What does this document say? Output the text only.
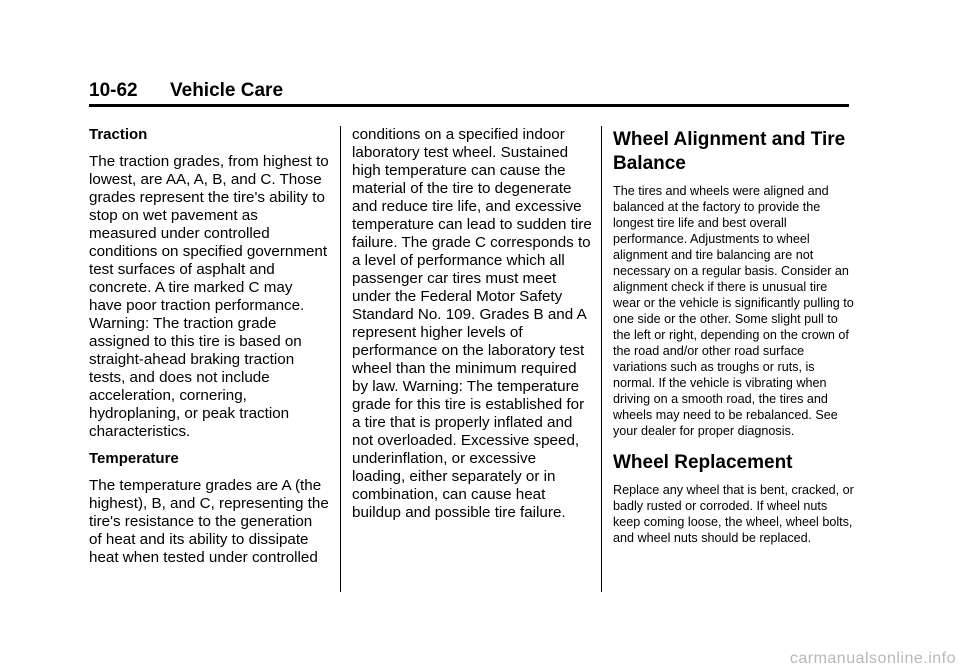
10-62 Vehicle Care
Traction

The traction grades, from highest to lowest, are AA, A, B, and C. Those grades represent the tire's ability to stop on wet pavement as measured under controlled conditions on specified government test surfaces of asphalt and concrete. A tire marked C may have poor traction performance. Warning: The traction grade assigned to this tire is based on straight-ahead braking traction tests, and does not include acceleration, cornering, hydroplaning, or peak traction characteristics.

Temperature

The temperature grades are A (the highest), B, and C, representing the tire's resistance to the generation of heat and its ability to dissipate heat when tested under controlled

conditions on a specified indoor laboratory test wheel. Sustained high temperature can cause the material of the tire to degenerate and reduce tire life, and excessive temperature can lead to sudden tire failure. The grade C corresponds to a level of performance which all passenger car tires must meet under the Federal Motor Safety Standard No. 109. Grades B and A represent higher levels of performance on the laboratory test wheel than the minimum required by law. Warning: The temperature grade for this tire is established for a tire that is properly inflated and not overloaded. Excessive speed, underinflation, or excessive loading, either separately or in combination, can cause heat buildup and possible tire failure.

Wheel Alignment and Tire Balance

The tires and wheels were aligned and balanced at the factory to provide the longest tire life and best overall performance. Adjustments to wheel alignment and tire balancing are not necessary on a regular basis. Consider an alignment check if there is unusual tire wear or the vehicle is significantly pulling to one side or the other. Some slight pull to the left or right, depending on the crown of the road and/or other road surface variations such as troughs or ruts, is normal. If the vehicle is vibrating when driving on a smooth road, the tires and wheels may need to be rebalanced. See your dealer for proper diagnosis.

Wheel Replacement

Replace any wheel that is bent, cracked, or badly rusted or corroded. If wheel nuts keep coming loose, the wheel, wheel bolts, and wheel nuts should be replaced.

carmanualsonline.info
